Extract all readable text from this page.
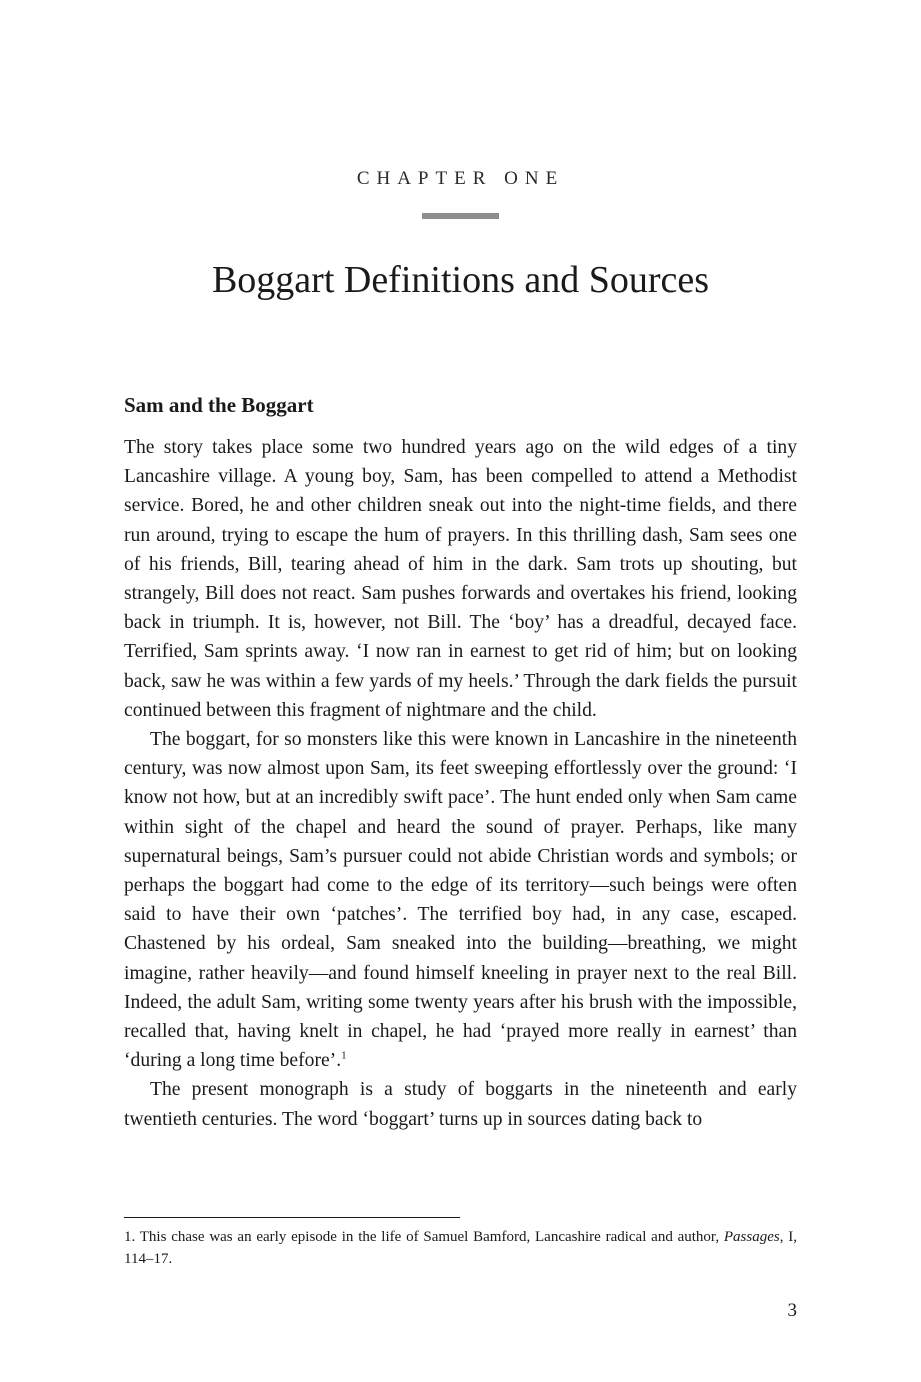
CHAPTER ONE
Boggart Definitions and Sources
Sam and the Boggart

The story takes place some two hundred years ago on the wild edges of a tiny Lancashire village. A young boy, Sam, has been compelled to attend a Methodist service. Bored, he and other children sneak out into the night-time fields, and there run around, trying to escape the hum of prayers. In this thrilling dash, Sam sees one of his friends, Bill, tearing ahead of him in the dark. Sam trots up shouting, but strangely, Bill does not react. Sam pushes forwards and overtakes his friend, looking back in triumph. It is, however, not Bill. The ‘boy’ has a dreadful, decayed face. Terrified, Sam sprints away. ‘I now ran in earnest to get rid of him; but on looking back, saw he was within a few yards of my heels.’ Through the dark fields the pursuit continued between this fragment of nightmare and the child.

The boggart, for so monsters like this were known in Lancashire in the nineteenth century, was now almost upon Sam, its feet sweeping effortlessly over the ground: ‘I know not how, but at an incredibly swift pace’. The hunt ended only when Sam came within sight of the chapel and heard the sound of prayer. Perhaps, like many supernatural beings, Sam’s pursuer could not abide Christian words and symbols; or perhaps the boggart had come to the edge of its territory—such beings were often said to have their own ‘patches’. The terrified boy had, in any case, escaped. Chastened by his ordeal, Sam sneaked into the building—breathing, we might imagine, rather heavily—and found himself kneeling in prayer next to the real Bill. Indeed, the adult Sam, writing some twenty years after his brush with the impossible, recalled that, having knelt in chapel, he had ‘prayed more really in earnest’ than ‘during a long time before’.$^1$

The present monograph is a study of boggarts in the nineteenth and early twentieth centuries. The word ‘boggart’ turns up in sources dating back to

1. This chase was an early episode in the life of Samuel Bamford, Lancashire radical and author, Passages, I, 114–17.
3
